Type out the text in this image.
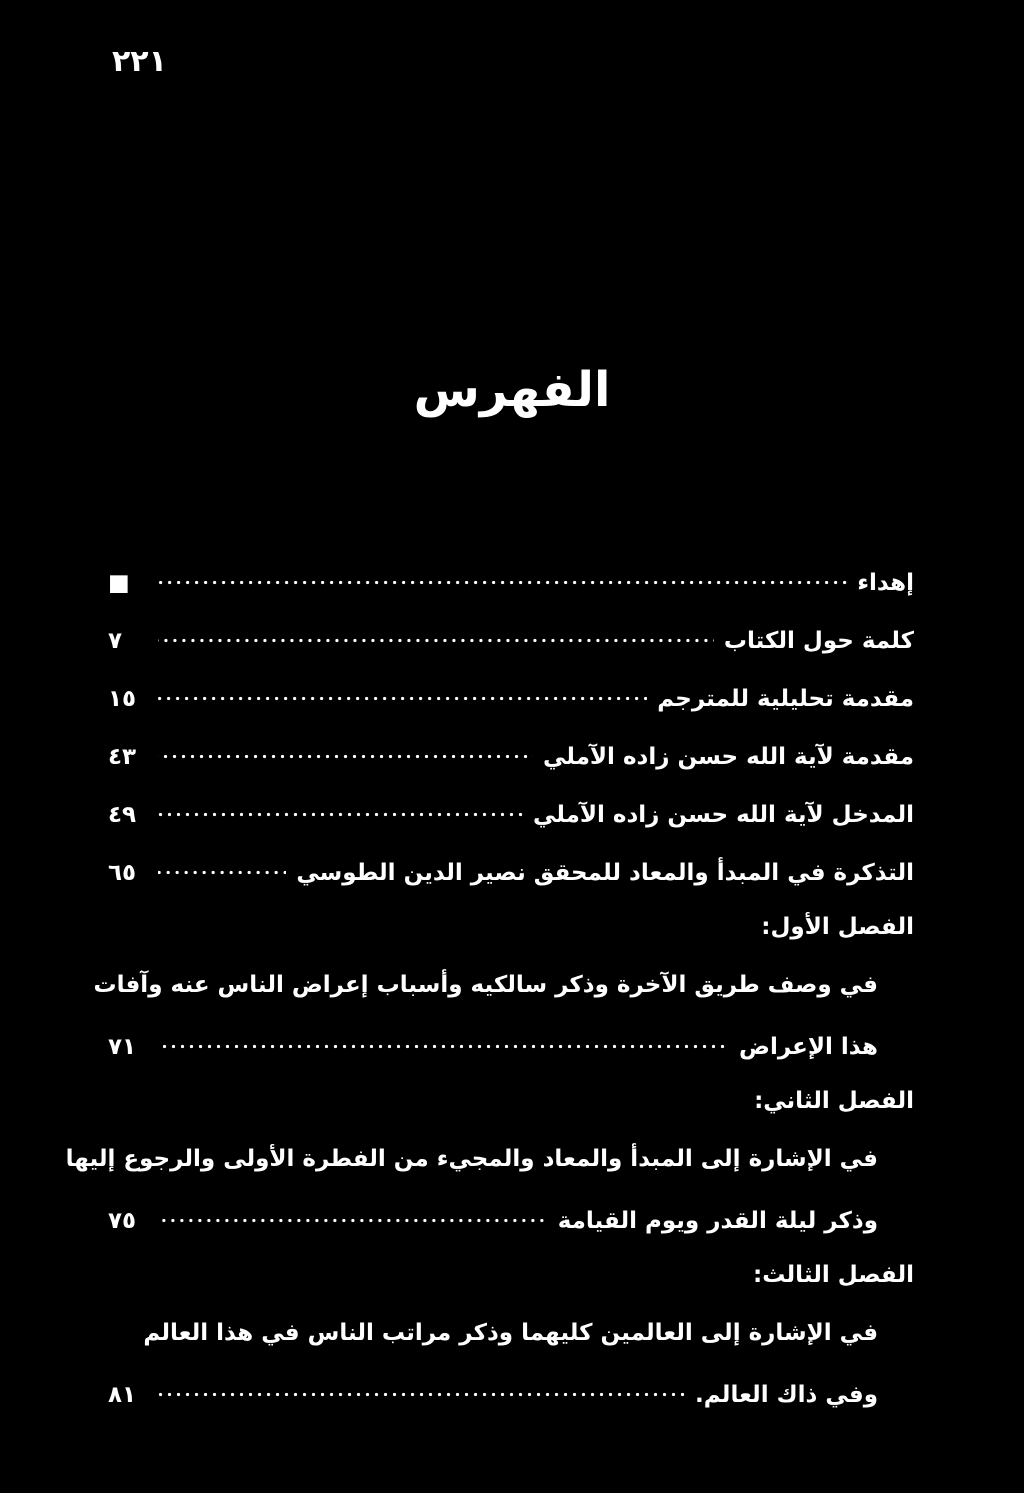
٢٢١
الفهرس
إهداء
■
كلمة حول الكتاب
٧
مقدمة تحليلية للمترجم
١٥
مقدمة لآية الله حسن زاده الآملي
٤٣
المدخل لآية الله حسن زاده الآملي
٤٩
التذكرة في المبدأ والمعاد للمحقق نصير الدين الطوسي
٦٥
الفصل الأول:
في وصف طريق الآخرة وذكر سالكيه وأسباب إعراض الناس عنه وآفات
هذا الإعراض
٧١
الفصل الثاني:
في الإشارة إلى المبدأ والمعاد والمجيء من الفطرة الأولى والرجوع إليها
وذكر ليلة القدر ويوم القيامة
٧٥
الفصل الثالث:
في الإشارة إلى العالمين كليهما وذكر مراتب الناس في هذا العالم
وفي ذاك العالم.
٨١
